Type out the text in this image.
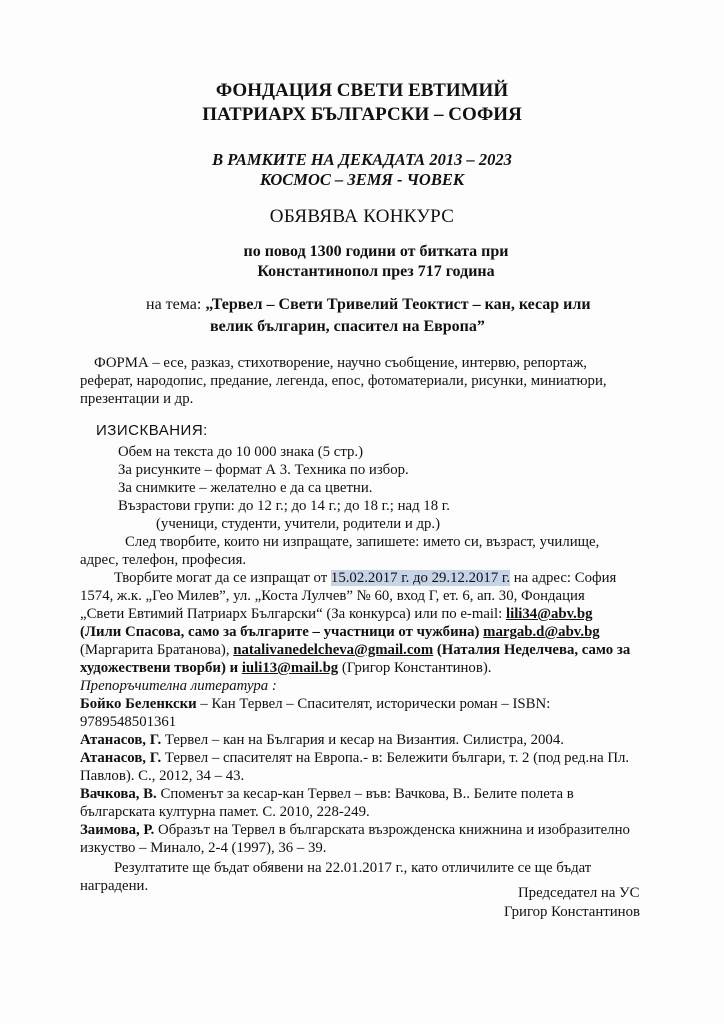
ФОНДАЦИЯ СВЕТИ ЕВТИМИЙ
ПАТРИАРХ БЪЛГАРСКИ – СОФИЯ
В РАМКИТЕ НА ДЕКАДАТА 2013 – 2023
КОСМОС – ЗЕМЯ - ЧОВЕК
ОБЯВЯВА КОНКУРС
по повод 1300 години от битката при
Константинопол през 717 година
на тема: „Тервел – Свети Тривелий Теоктист – кан, кесар или
велик българин, спасител на Европа”
ФОРМА – есе, разказ, стихотворение, научно съобщение, интервю, репортаж,
реферат, народопис, предание, легенда, епос, фотоматериали, рисунки, миниатюри,
презентации и др.
ИЗИСКВАНИЯ:
Обем на текста до 10 000 знака (5 стр.)
За рисунките – формат А 3. Техника по избор.
За снимките – желателно е да са цветни.
Възрастови групи: до 12 г.; до 14 г.; до 18 г.; над 18 г.
(ученици, студенти, учители, родители и др.)
След творбите, които ни изпращате, запишете: името си, възраст, училище,
адрес, телефон, професия.
Творбите могат да се изпращат от 15.02.2017 г. до 29.12.2017 г. на адрес: София
1574, ж.к. „Гео Милев”, ул. „Коста Лулчев” № 60, вход Г, ет. 6, ап. 30, Фондация
„Свети Евтимий Патриарх Български“ (За конкурса) или по e-mail: lili34@abv.bg
(Лили Спасова, само за българите – участници от чужбина) margab.d@abv.bg
(Маргарита Братанова), natalivanedelcheva@gmail.com (Наталия Неделчева, само за
художествени творби) и iuli13@mail.bg (Григор Константинов).
Препоръчителна литература :
Бойко Беленкски – Кан Тервел – Спасителят, исторически роман – ISBN:
9789548501361
Атанасов, Г. Тервел – кан на България и кесар на Византия. Силистра, 2004.
Атанасов, Г. Тервел – спасителят на Европа.- в: Бележити българи, т. 2 (под ред.на Пл.
Павлов). С., 2012, 34 – 43.
Вачкова, В. Споменът за кесар-кан Тервел – във: Вачкова, В.. Белите полета в
българската културна памет. С. 2010, 228-249.
Заимова, Р. Образът на Тервел в българската възрожденска книжнина и изобразително
изкуство – Минало, 2-4 (1997), 36 – 39.
Резултатите ще бъдат обявени на 22.01.2017 г., като отличилите се ще бъдат
наградени.	Председател на УС
Григор Константинов
